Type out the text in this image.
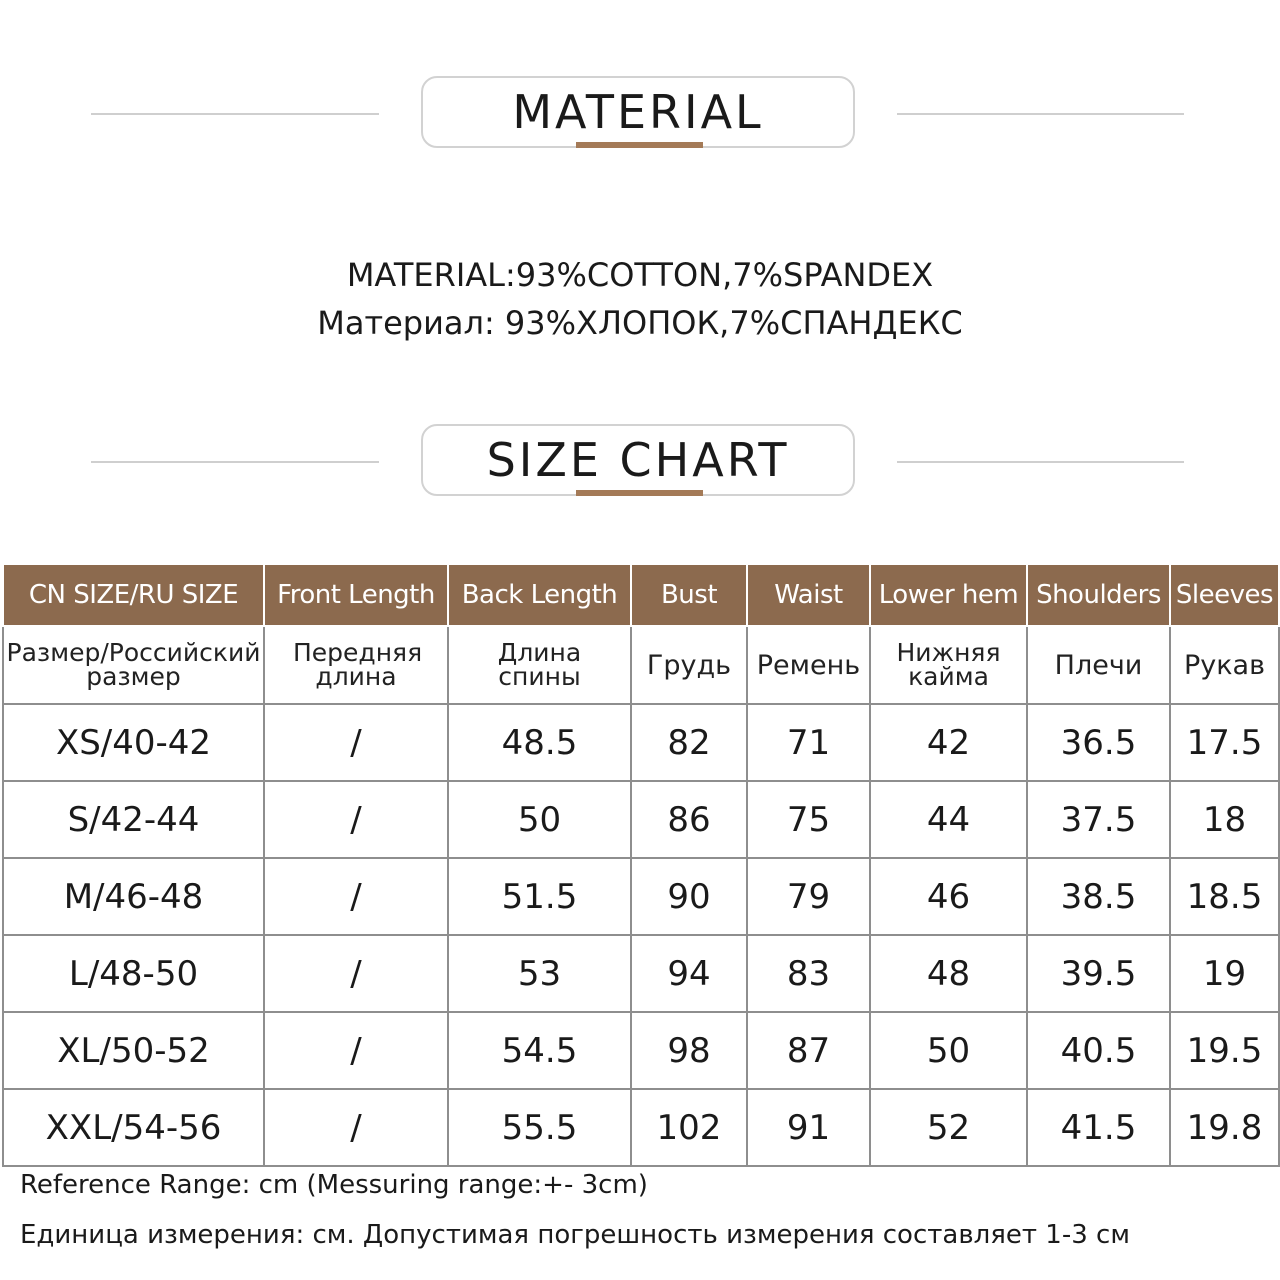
MATERIAL
MATERIAL:93%COTTON,7%SPANDEX
Материал: 93%ХЛОПОК,7%СПАНДЕКС
SIZE CHART
CN SIZE/RU SIZE	Front Length	Back Length	Bust	Waist	Lower hem	Shoulders	Sleeves
Размер/Российский размер	Передняя длина	Длина спины	Грудь	Ремень	Нижняя кайма	Плечи	Рукав
XS/40-42	/	48.5	82	71	42	36.5	17.5
S/42-44	/	50	86	75	44	37.5	18
M/46-48	/	51.5	90	79	46	38.5	18.5
L/48-50	/	53	94	83	48	39.5	19
XL/50-52	/	54.5	98	87	50	40.5	19.5
XXL/54-56	/	55.5	102	91	52	41.5	19.8
Reference Range: cm (Messuring range:+- 3cm)
Единица измерения: см. Допустимая погрешность измерения составляет 1-3 см
